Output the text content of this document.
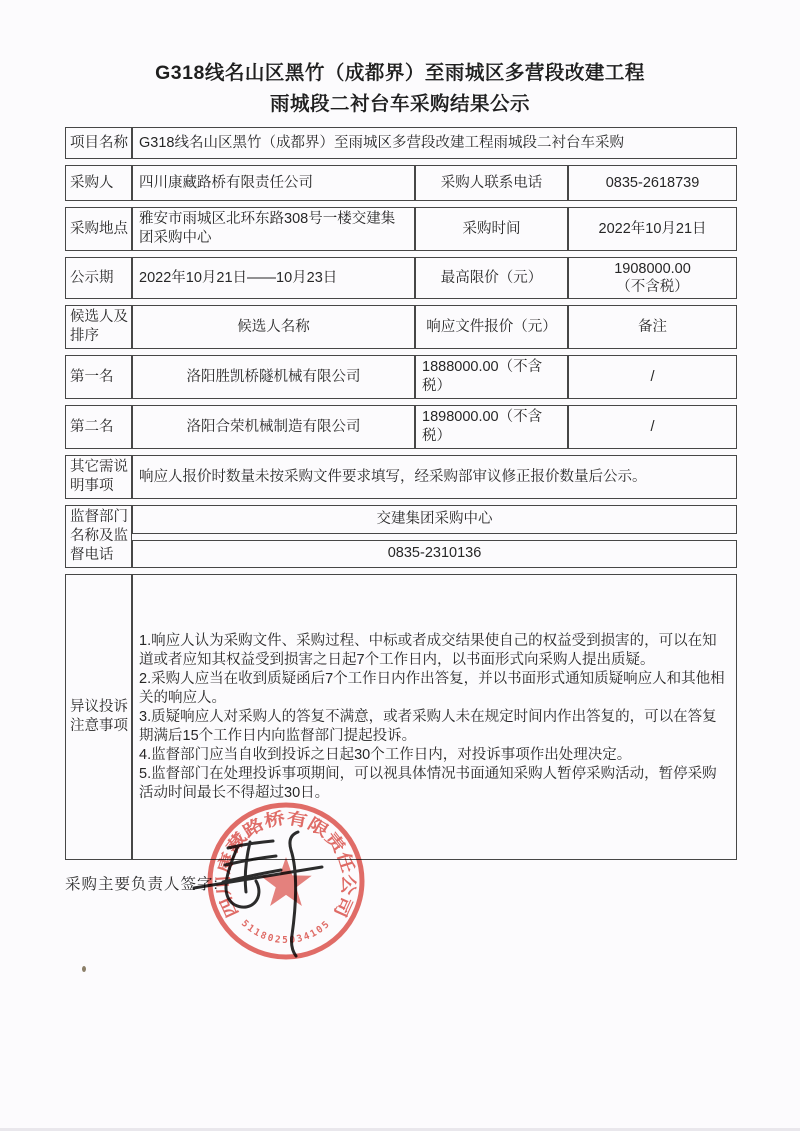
G318线名山区黑竹（成都界）至雨城区多营段改建工程
雨城段二衬台车采购结果公示
项目名称	G318线名山区黑竹（成都界）至雨城区多营段改建工程雨城段二衬台车采购		
采购人	四川康藏路桥有限责任公司	采购人联系电话	0835-2618739
采购地点	雅安市雨城区北环东路308号一楼交建集团采购中心	采购时间	2022年10月21日
公示期	2022年10月21日——10月23日	最高限价（元）	1908000.00
（不含税）

候选人及排序	候选人名称	响应文件报价（元）	备注
第一名	洛阳胜凯桥隧机械有限公司	1888000.00（不含税）	/
第二名	洛阳合荣机械制造有限公司	1898000.00（不含税）	/
其它需说明事项	响应人报价时数量未按采购文件要求填写，经采购部审议修正报价数量后公示。		
监督部门名称及监督电话	交建集团采购中心		
	0835-2310136		
异议投诉注意事项	1.响应人认为采购文件、采购过程、中标或者成交结果使自己的权益受到损害的，可以在知道或者应知其权益受到损害之日起7个工作日内，以书面形式向采购人提出质疑。

2.采购人应当在收到质疑函后7个工作日内作出答复，并以书面形式通知质疑响应人和其他相关的响应人。

3.质疑响应人对采购人的答复不满意，或者采购人未在规定时间内作出答复的，可以在答复期满后15个工作日内向监督部门提起投诉。

4.监督部门应当自收到投诉之日起30个工作日内，对投诉事项作出处理决定。

5.监督部门在处理投诉事项期间，可以视具体情况书面通知采购人暂停采购活动，暂停采购活动时间最长不得超过30日。		

采购主要负责人签字:
四川康藏路桥有限责任公司
5118025034105
